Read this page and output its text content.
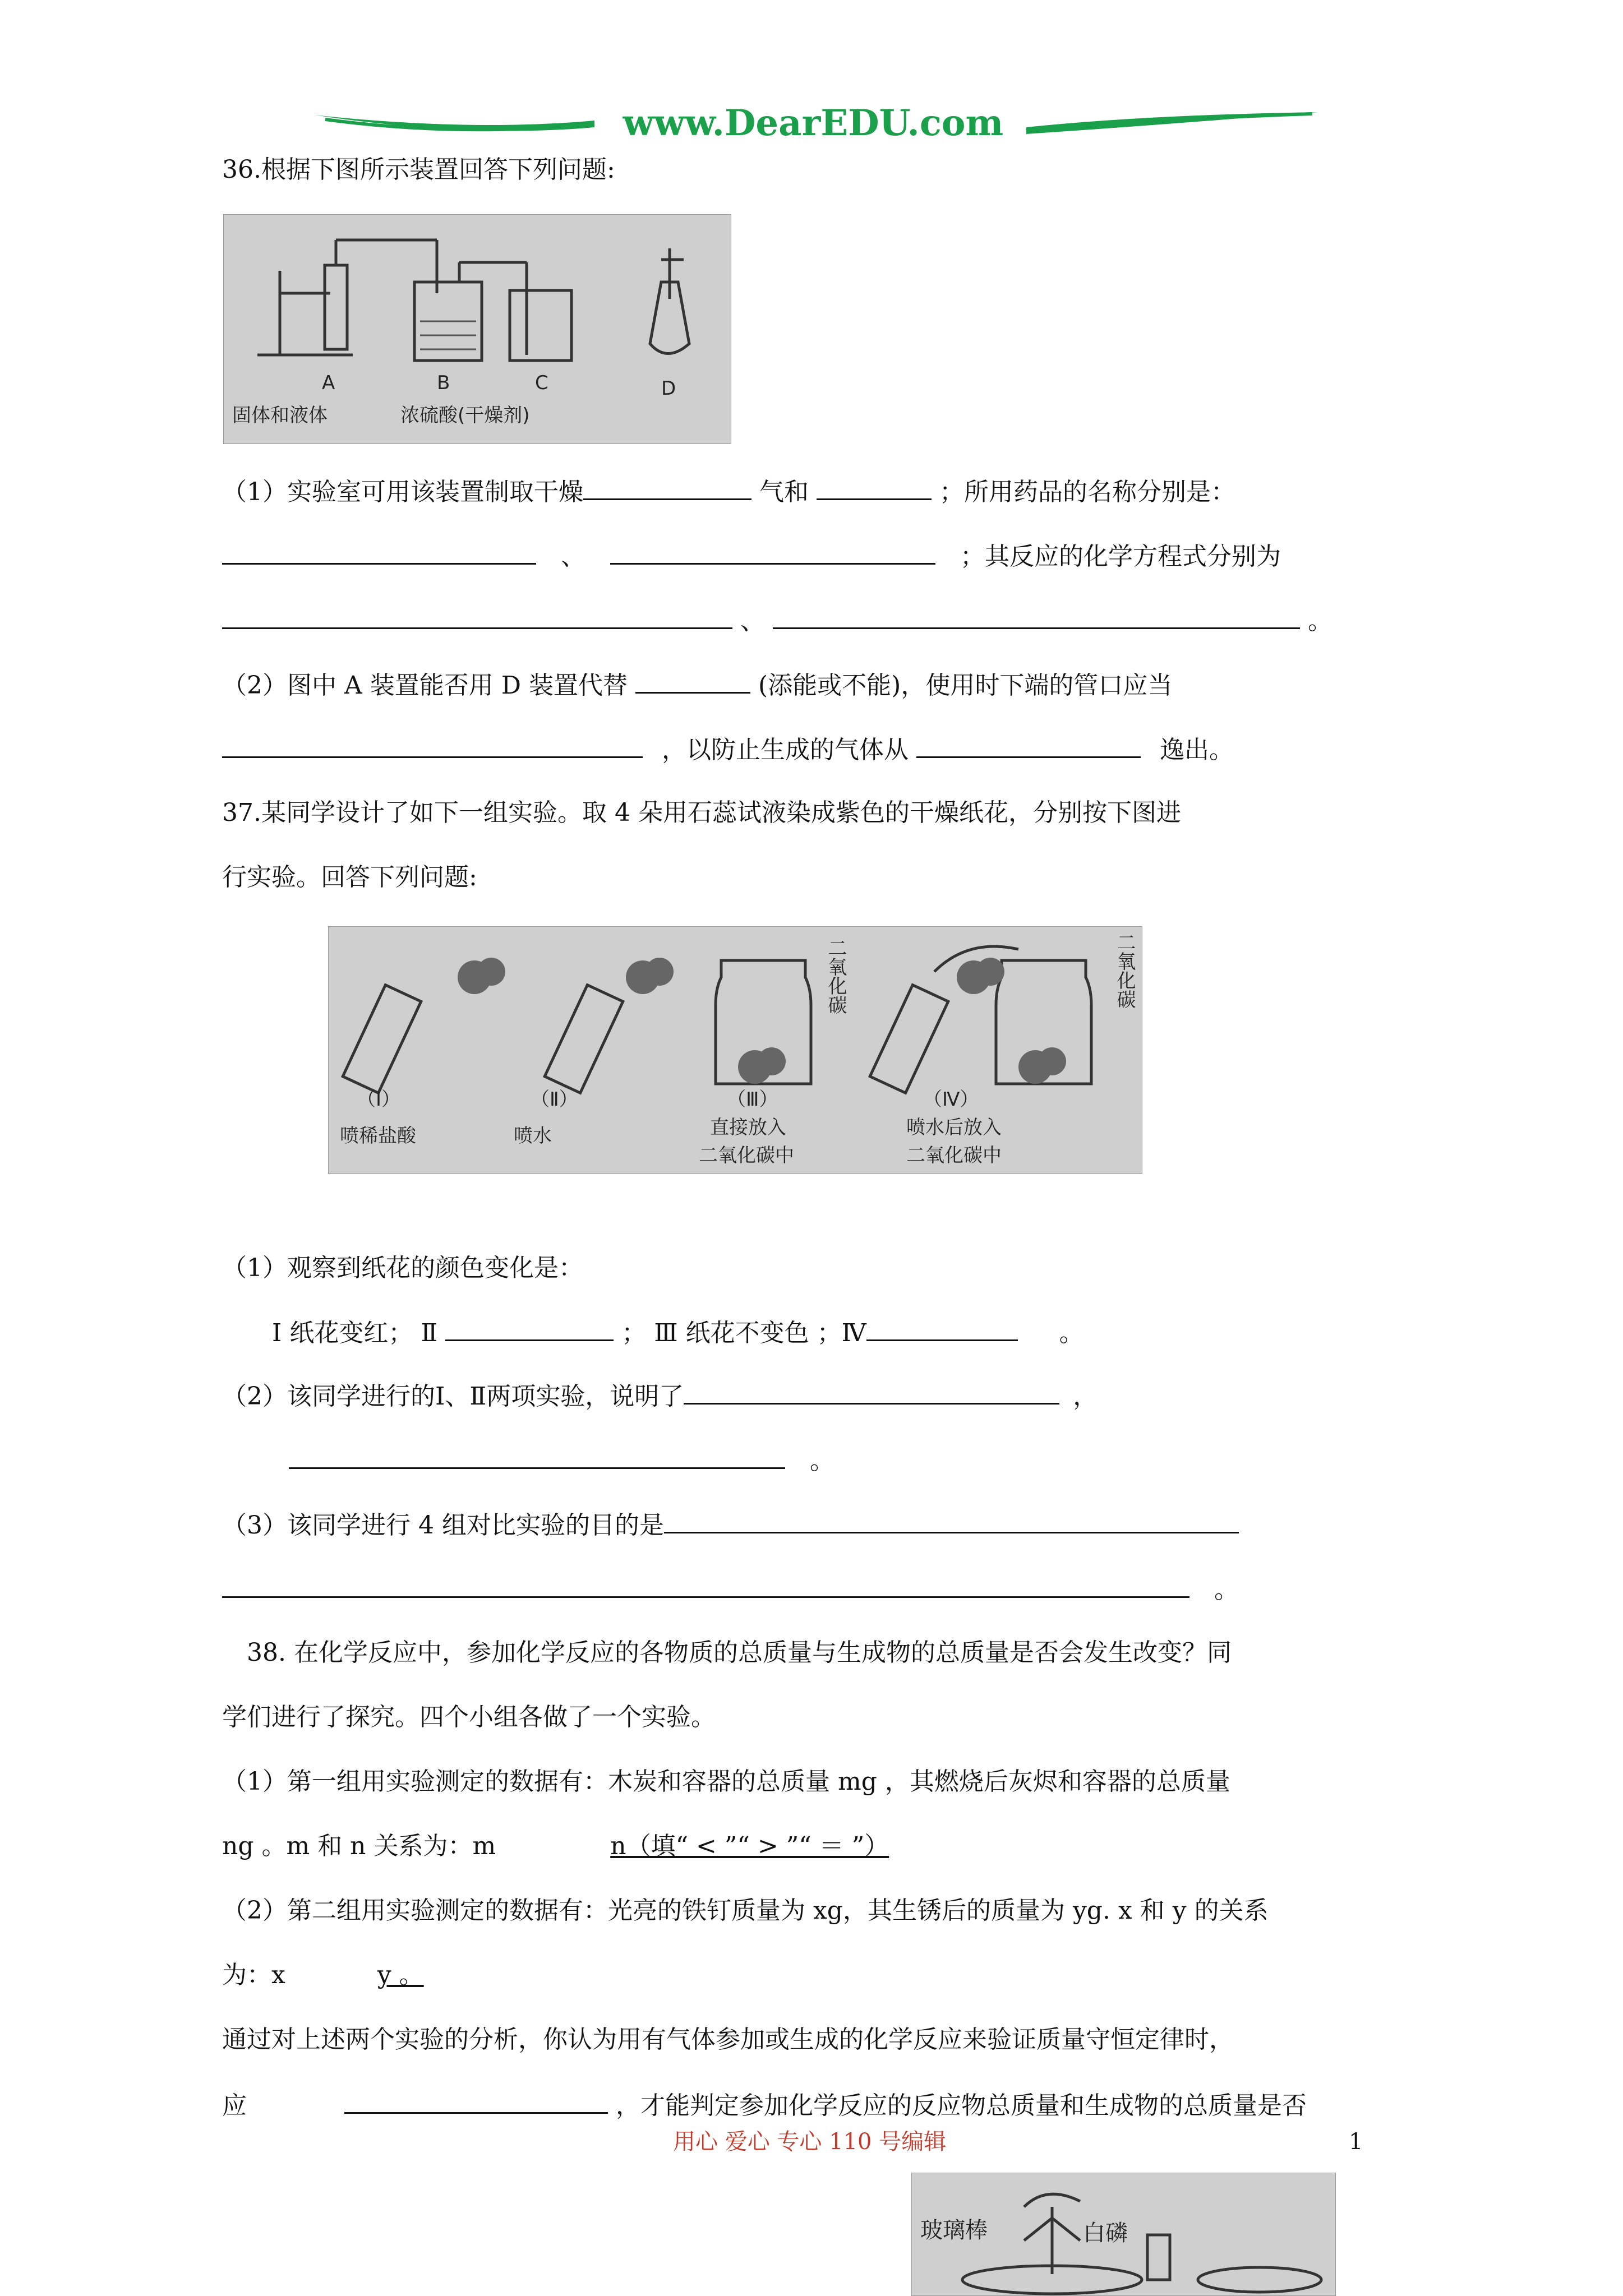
www.DearEDU.com
36.根据下图所示装置回答下列问题:
A	B	C	D
固体和液体	浓硫酸(干燥剂)
（1）实验室可用该装置制取干燥	气和	；所用药品的名称分别是：
、	；其反应的化学方程式分别为
、	。
（2）图中 A 装置能否用 D 装置代替	(添能或不能)，使用时下端的管口应当
，以防止生成的气体从	逸出。
37.某同学设计了如下一组实验。取 4 朵用石蕊试液染成紫色的干燥纸花，分别按下图进
行实验。回答下列问题:
二氧化碳	二氧化碳
（Ⅰ）	（Ⅱ）	（Ⅲ）	（Ⅳ）
喷稀盐酸	喷水	直接放入
二氧化碳中
喷水后放入
二氧化碳中
（1）观察到纸花的颜色变化是：
Ⅰ 纸花变红； Ⅱ	； Ⅲ 纸花不变色 ；Ⅳ	。
（2）该同学进行的Ⅰ、Ⅱ两项实验，说明了	，
。
（3）该同学进行 4 组对比实验的目的是
。
38. 在化学反应中，参加化学反应的各物质的总质量与生成物的总质量是否会发生改变？同
学们进行了探究。四个小组各做了一个实验。
（1）第一组用实验测定的数据有：木炭和容器的总质量 mg ，其燃烧后灰烬和容器的总质量
ng 。m 和 n 关系为：m	n（填“ < ”“ > ”“ ＝ ”）
（2）第二组用实验测定的数据有：光亮的铁钉质量为 xg，其生锈后的质量为 yg. x 和 y 的关系
为：x	y 。
通过对上述两个实验的分析，你认为用有气体参加或生成的化学反应来验证质量守恒定律时，
应	，才能判定参加化学反应的反应物总质量和生成物的总质量是否
用心 爱心 专心 110 号编辑	1
玻璃棒	白磷
